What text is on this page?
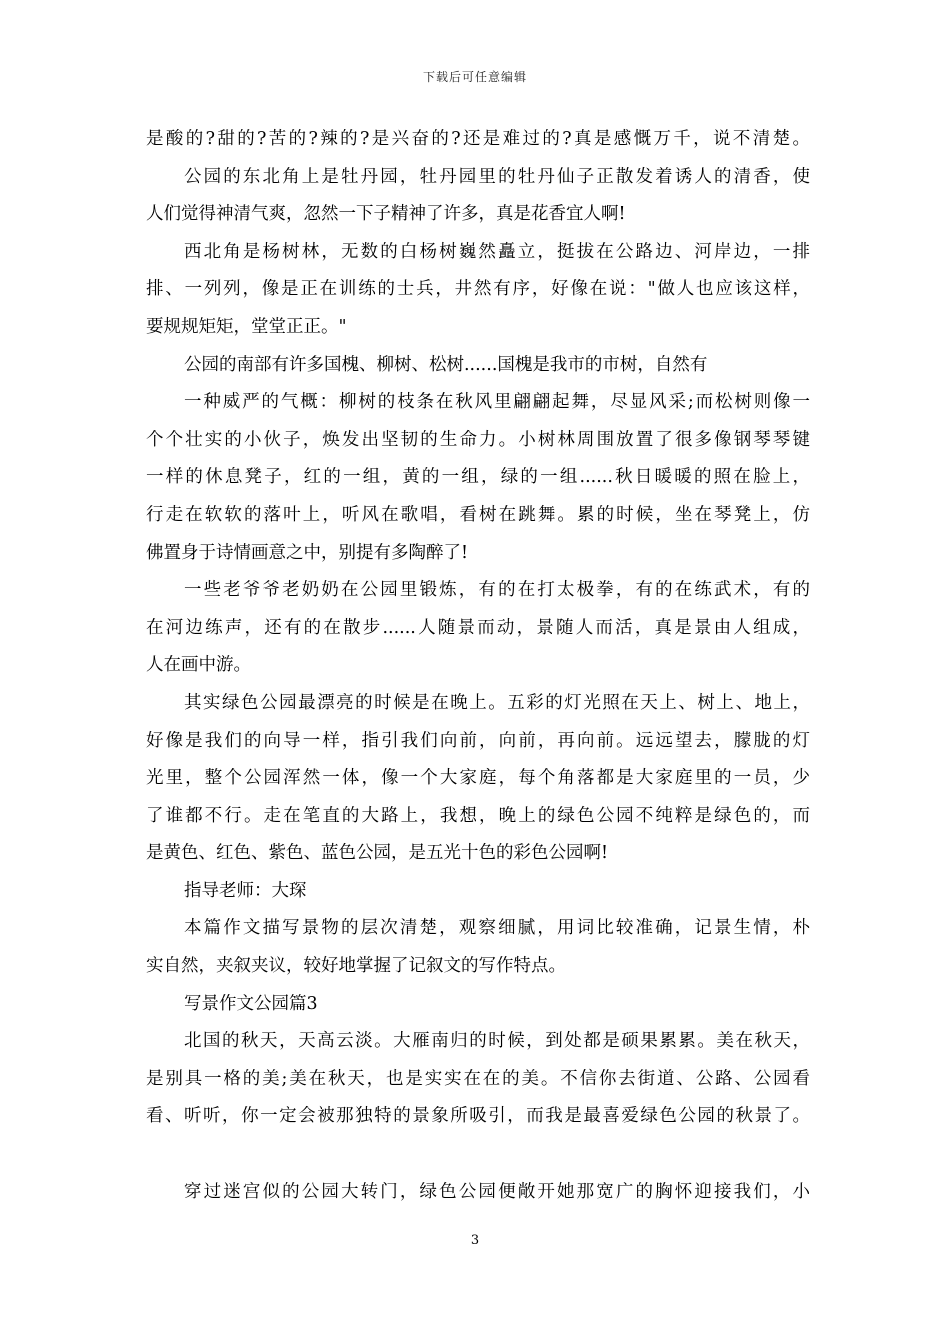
下载后可任意编辑

是酸的?甜的?苦的?辣的?是兴奋的?还是难过的?真是感慨万千，说不清楚。

公园的东北角上是牡丹园，牡丹园里的牡丹仙子正散发着诱人的清香，使

人们觉得神清气爽，忽然一下子精神了许多，真是花香宜人啊!

西北角是杨树林，无数的白杨树巍然矗立，挺拔在公路边、河岸边，一排

排、一列列，像是正在训练的士兵，井然有序，好像在说："做人也应该这样，

要规规矩矩，堂堂正正。"

公园的南部有许多国槐、柳树、松树......国槐是我市的市树，自然有

一种威严的气概：柳树的枝条在秋风里翩翩起舞，尽显风采;而松树则像一

个个壮实的小伙子，焕发出坚韧的生命力。小树林周围放置了很多像钢琴琴键

一样的休息凳子，红的一组，黄的一组，绿的一组......秋日暖暖的照在脸上，

行走在软软的落叶上，听风在歌唱，看树在跳舞。累的时候，坐在琴凳上，仿

佛置身于诗情画意之中，别提有多陶醉了!

一些老爷爷老奶奶在公园里锻炼，有的在打太极拳，有的在练武术，有的

在河边练声，还有的在散步......人随景而动，景随人而活，真是景由人组成，

人在画中游。

其实绿色公园最漂亮的时候是在晚上。五彩的灯光照在天上、树上、地上，

好像是我们的向导一样，指引我们向前，向前，再向前。远远望去，朦胧的灯

光里，整个公园浑然一体，像一个大家庭，每个角落都是大家庭里的一员，少

了谁都不行。走在笔直的大路上，我想，晚上的绿色公园不纯粹是绿色的，而

是黄色、红色、紫色、蓝色公园，是五光十色的彩色公园啊!

指导老师：大琛

本篇作文描写景物的层次清楚，观察细腻，用词比较准确，记景生情，朴

实自然，夹叙夹议，较好地掌握了记叙文的写作特点。

写景作文公园篇3

北国的秋天，天高云淡。大雁南归的时候，到处都是硕果累累。美在秋天，

是别具一格的美;美在秋天，也是实实在在的美。不信你去街道、公路、公园看

看、听听，你一定会被那独特的景象所吸引，而我是最喜爱绿色公园的秋景了。

穿过迷宫似的公园大转门，绿色公园便敞开她那宽广的胸怀迎接我们，小

3
